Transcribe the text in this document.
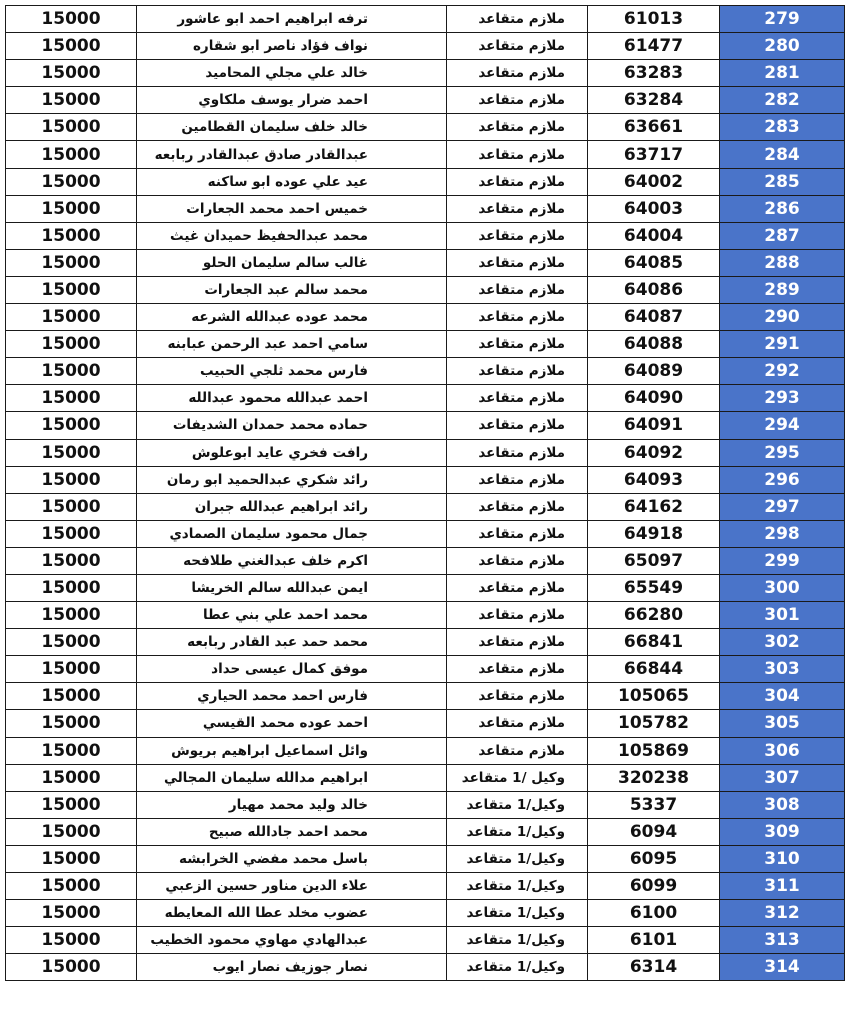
15000	ترفه ابراهيم احمد ابو عاشور	ملازم متقاعد	61013	279
15000	نواف فؤاد ناصر ابو شقاره	ملازم متقاعد	61477	280
15000	خالد علي مجلي المحاميد	ملازم متقاعد	63283	281
15000	احمد ضرار يوسف ملكاوي	ملازم متقاعد	63284	282
15000	خالد خلف سليمان القطامين	ملازم متقاعد	63661	283
15000	عبدالقادر صادق عبدالقادر ربابعه	ملازم متقاعد	63717	284
15000	عيد علي عوده ابو ساكنه	ملازم متقاعد	64002	285
15000	خميس احمد محمد الجعارات	ملازم متقاعد	64003	286
15000	محمد عبدالحفيظ حميدان غيث	ملازم متقاعد	64004	287
15000	غالب سالم سليمان الحلو	ملازم متقاعد	64085	288
15000	محمد سالم عبد الجعارات	ملازم متقاعد	64086	289
15000	محمد عوده عبدالله الشرعه	ملازم متقاعد	64087	290
15000	سامي احمد عبد الرحمن عبابنه	ملازم متقاعد	64088	291
15000	فارس محمد ثلجي الحبيب	ملازم متقاعد	64089	292
15000	احمد عبدالله محمود عبدالله	ملازم متقاعد	64090	293
15000	حماده محمد حمدان الشديفات	ملازم متقاعد	64091	294
15000	رافت فخري عايد ابوعلوش	ملازم متقاعد	64092	295
15000	رائد شكري عبدالحميد ابو رمان	ملازم متقاعد	64093	296
15000	رائد ابراهيم عبدالله جبران	ملازم متقاعد	64162	297
15000	جمال محمود سليمان الصمادي	ملازم متقاعد	64918	298
15000	اكرم خلف عبدالغني طلافحه	ملازم متقاعد	65097	299
15000	ايمن عبدالله سالم الخريشا	ملازم متقاعد	65549	300
15000	محمد احمد علي بني عطا	ملازم متقاعد	66280	301
15000	محمد حمد عبد القادر ربابعه	ملازم متقاعد	66841	302
15000	موفق كمال عيسى حداد	ملازم متقاعد	66844	303
15000	فارس احمد محمد الحياري	ملازم متقاعد	105065	304
15000	احمد عوده محمد القيسي	ملازم متقاعد	105782	305
15000	وائل اسماعيل ابراهيم بريوش	ملازم متقاعد	105869	306
15000	ابراهيم مدالله سليمان المجالي	وكيل /1 متقاعد	320238	307
15000	خالد وليد محمد مهيار	وكيل/1 متقاعد	5337	308
15000	محمد احمد جادالله صبيح	وكيل/1 متقاعد	6094	309
15000	باسل محمد مفضي الخرابشه	وكيل/1 متقاعد	6095	310
15000	علاء الدين مناور حسين الزعبي	وكيل/1 متقاعد	6099	311
15000	عضوب مخلد عطا الله المعايطه	وكيل/1 متقاعد	6100	312
15000	عبدالهادي مهاوي محمود الخطيب	وكيل/1 متقاعد	6101	313
15000	نصار جوزيف نصار ايوب	وكيل/1 متقاعد	6314	314
